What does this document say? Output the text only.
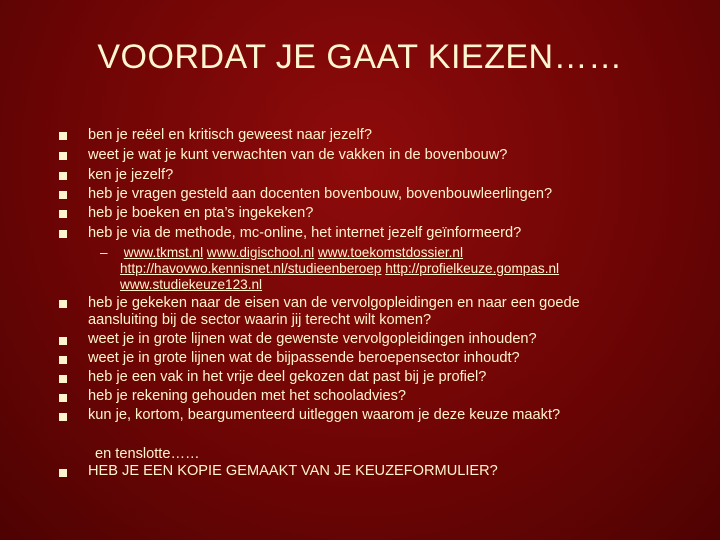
VOORDAT JE GAAT KIEZEN……
ben je reëel en kritisch geweest naar jezelf?
weet je wat je kunt verwachten van de vakken in de bovenbouw?
ken je jezelf?
heb je vragen gesteld aan docenten bovenbouw, bovenbouwleerlingen?
heb je boeken en pta’s ingekeken?
heb je via de methode, mc-online, het internet jezelf geïnformeerd?
– www.tkmst.nl www.digischool.nl www.toekomstdossier.nl
http://havovwo.kennisnet.nl/studieenberoep http://profielkeuze.gompas.nl
www.studiekeuze123.nl
heb je gekeken naar de eisen van de vervolgopleidingen en naar een goede
aansluiting bij de sector waarin jij terecht wilt komen?
weet je in grote lijnen wat de gewenste vervolgopleidingen inhouden?
weet je in grote lijnen wat de bijpassende beroepensector inhoudt?
heb je een vak in het vrije deel gekozen dat past bij je profiel?
heb je rekening gehouden met het schooladvies?
kun je, kortom, beargumenteerd uitleggen waarom je deze keuze maakt?
en tenslotte……
HEB JE EEN KOPIE GEMAAKT VAN JE KEUZEFORMULIER?
